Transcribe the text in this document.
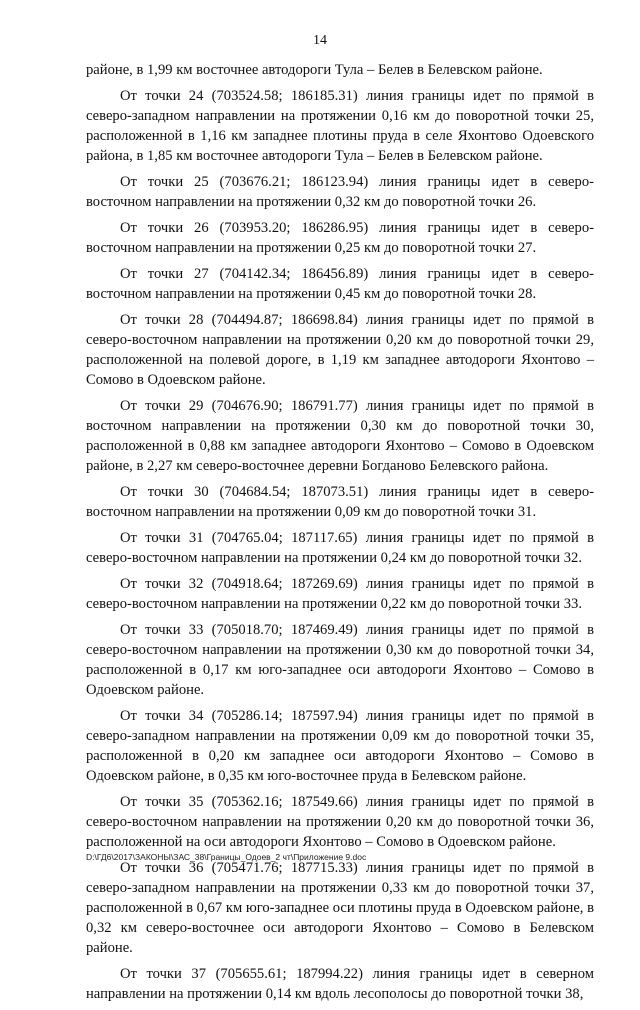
14

районе, в 1,99 км восточнее автодороги Тула – Белев в Белевском районе.

От точки 24 (703524.58; 186185.31) линия границы идет по прямой в северо-западном направлении на протяжении 0,16 км до поворотной точки 25, расположенной в 1,16 км западнее плотины пруда в селе Яхонтово Одоевского района, в 1,85 км восточнее автодороги Тула – Белев в Белевском районе.

От точки 25 (703676.21; 186123.94) линия границы идет в северо-восточном направлении на протяжении 0,32 км до поворотной точки 26.

От точки 26 (703953.20; 186286.95) линия границы идет в северо-восточном направлении на протяжении 0,25 км до поворотной точки 27.

От точки 27 (704142.34; 186456.89) линия границы идет в северо-восточном направлении на протяжении 0,45 км до поворотной точки 28.

От точки 28 (704494.87; 186698.84) линия границы идет по прямой в северо-восточном направлении на протяжении 0,20 км до поворотной точки 29, расположенной на полевой дороге, в 1,19 км западнее автодороги Яхонтово – Сомово в Одоевском районе.

От точки 29 (704676.90; 186791.77) линия границы идет по прямой в восточном направлении на протяжении 0,30 км до поворотной точки 30, расположенной в 0,88 км западнее автодороги Яхонтово – Сомово в Одоевском районе, в 2,27 км северо-восточнее деревни Богданово Белевского района.

От точки 30 (704684.54; 187073.51) линия границы идет в северо-восточном направлении на протяжении 0,09 км до поворотной точки 31.

От точки 31 (704765.04; 187117.65) линия границы идет по прямой в северо-восточном направлении на протяжении 0,24 км до поворотной точки 32.

От точки 32 (704918.64; 187269.69) линия границы идет по прямой в северо-восточном направлении на протяжении 0,22 км до поворотной точки 33.

От точки 33 (705018.70; 187469.49) линия границы идет по прямой в северо-восточном направлении на протяжении 0,30 км до поворотной точки 34, расположенной в 0,17 км юго-западнее оси автодороги Яхонтово – Сомово в Одоевском районе.

От точки 34 (705286.14; 187597.94) линия границы идет по прямой в северо-западном направлении на протяжении 0,09 км до поворотной точки 35, расположенной в 0,20 км западнее оси автодороги Яхонтово – Сомово в Одоевском районе, в 0,35 км юго-восточнее пруда в Белевском районе.

От точки 35 (705362.16; 187549.66) линия границы идет по прямой в северо-восточном направлении на протяжении 0,20 км до поворотной точки 36, расположенной на оси автодороги Яхонтово – Сомово в Одоевском районе.

От точки 36 (705471.76; 187715.33) линия границы идет по прямой в северо-западном направлении на протяжении 0,33 км до поворотной точки 37, расположенной в 0,67 км юго-западнее оси плотины пруда в Одоевском районе, в 0,32 км северо-восточнее оси автодороги Яхонтово – Сомово в Белевском районе.

От точки 37 (705655.61; 187994.22) линия границы идет в северном направлении на протяжении 0,14 км вдоль лесополосы до поворотной точки 38,

D:\ГД6\2017\ЗАКОНЫ\ЗАС_38\Границы_Одоев_2 чт\Приложение 9.doc
